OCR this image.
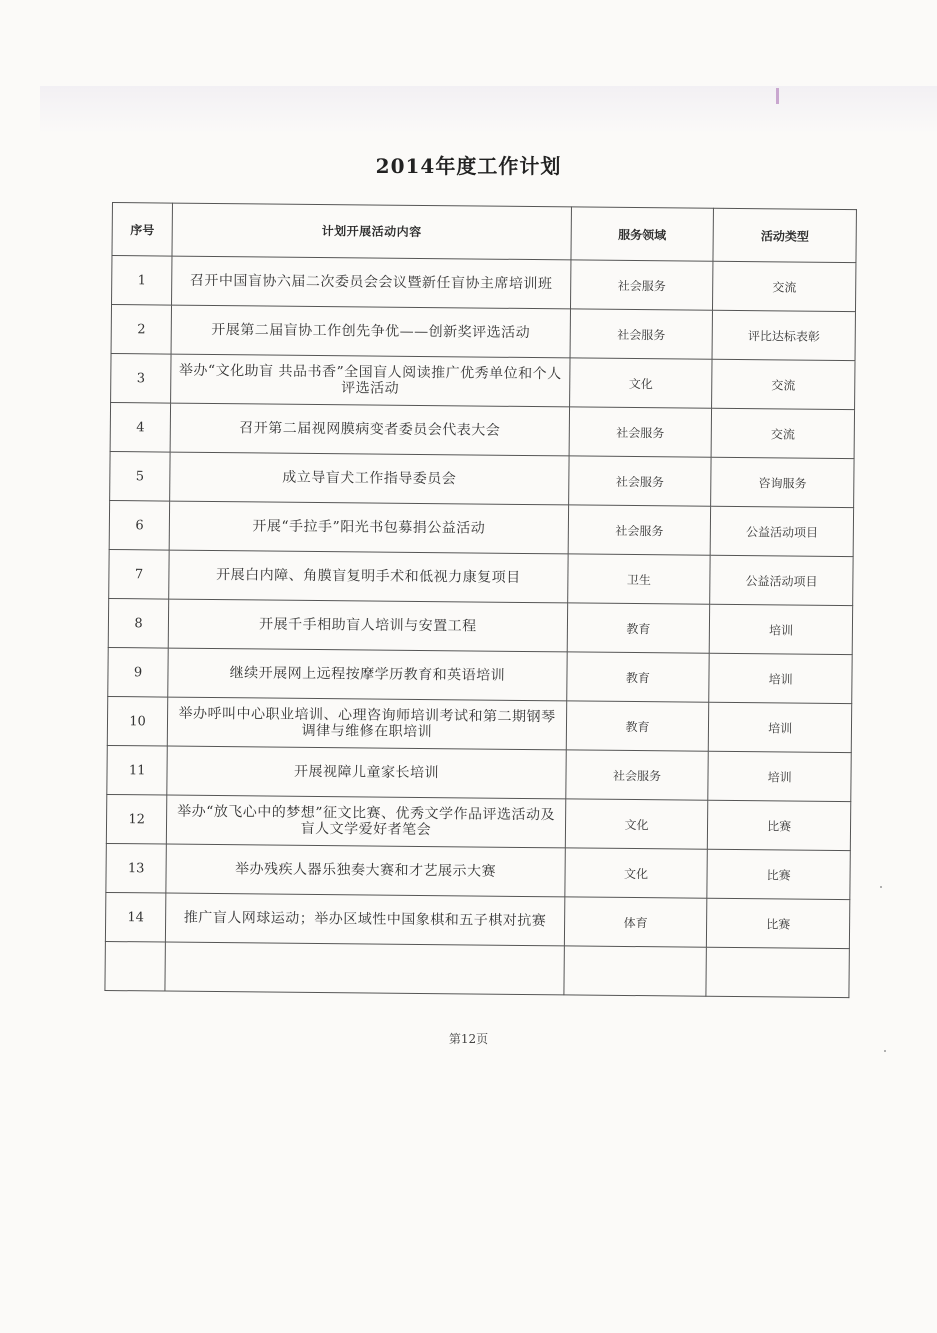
2014年度工作计划
序号	计划开展活动内容	服务领域	活动类型
1	召开中国盲协六届二次委员会会议暨新任盲协主席培训班	社会服务	交流
2	开展第二届盲协工作创先争优——创新奖评选活动	社会服务	评比达标表彰
3	举办“文化助盲 共品书香”全国盲人阅读推广优秀单位和个人评选活动	文化	交流
4	召开第二届视网膜病变者委员会代表大会	社会服务	交流
5	成立导盲犬工作指导委员会	社会服务	咨询服务
6	开展“手拉手”阳光书包募捐公益活动	社会服务	公益活动项目
7	开展白内障、角膜盲复明手术和低视力康复项目	卫生	公益活动项目
8	开展千手相助盲人培训与安置工程	教育	培训
9	继续开展网上远程按摩学历教育和英语培训	教育	培训
10	举办呼叫中心职业培训、心理咨询师培训考试和第二期钢琴调律与维修在职培训	教育	培训
11	开展视障儿童家长培训	社会服务	培训
12	举办“放飞心中的梦想”征文比赛、优秀文学作品评选活动及盲人文学爱好者笔会	文化	比赛
13	举办残疾人器乐独奏大赛和才艺展示大赛	文化	比赛
14	推广盲人网球运动；举办区域性中国象棋和五子棋对抗赛	体育	比赛

第12页
